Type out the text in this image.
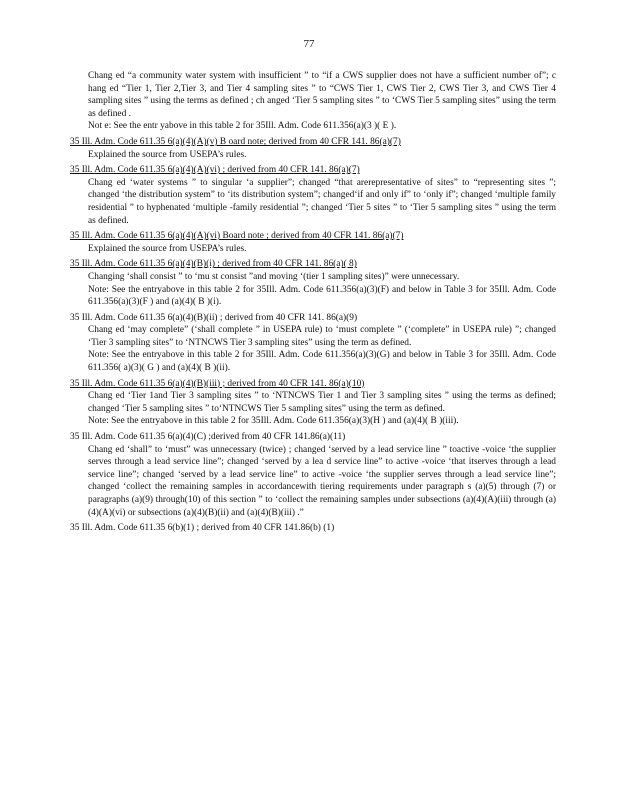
77

Chang ed “a community water system with insufficient ” to “if a CWS supplier does not have a sufficient number of”; c hang ed “Tier 1, Tier 2,Tier 3, and Tier 4 sampling sites ” to “CWS Tier 1, CWS Tier 2, CWS Tier 3, and CWS Tier 4 sampling sites ” using the terms as defined ; ch anged ‘Tier 5 sampling sites ” to ‘CWS Tier 5 sampling sites” using the term as defined .

Not e: See the entr yabove in this table 2 for 35Ill. Adm. Code 611.356(a)(3 )( E ).

35 Ill. Adm. Code 611.35 6(a)(4)(A)(v) B oard note; derived from 40 CFR 141. 86(a)(7)

Explained the source from USEPA’s rules.

35 Ill. Adm. Code 611.35 6(a)(4)(A)(vi) ; derived from 40 CFR 141. 86(a)(7)

Chang ed ‘water systems ” to singular ‘a supplier”; changed “that arerepresentative of sites” to “representing sites ”; changed ‘the distribution system” to ‘its distribution system”; changed‘if and only if” to ‘only if”; changed ‘multiple family residential ” to hyphenated ‘multiple -family residential ”; changed ‘Tier 5 sites ” to ‘Tier 5 sampling sites ” using the term as defined.

35 Ill. Adm. Code 611.35 6(a)(4)(A)(vi) Board note ; derived from 40 CFR 141. 86(a)(7)

Explained the source from USEPA’s rules.

35 Ill. Adm. Code 611.35 6(a)(4)(B)(i) ; derived from 40 CFR 141. 86(a)( 8)

Changing ‘shall consist ” to ‘mu st consist ”and moving ‘(tier 1 sampling sites)” were unnecessary.

Note: See the entryabove in this table 2 for 35Ill. Adm. Code 611.356(a)(3)(F) and below in Table 3 for 35Ill. Adm. Code 611.356(a)(3)(F ) and (a)(4)( B )(i).

35 Ill. Adm. Code 611.35 6(a)(4)(B)(ii) ; derived from 40 CFR 141. 86(a)(9)

Chang ed ‘may complete” (‘shall complete ” in USEPA rule) to ‘must complete ” (‘complete” in USEPA rule) ”; changed ‘Tier 3 sampling sites” to ‘NTNCWS Tier 3 sampling sites” using the term as defined.

Note: See the entryabove in this table 2 for 35Ill. Adm. Code 611.356(a)(3)(G) and below in Table 3 for 35Ill. Adm. Code 611.356( a)(3)( G ) and (a)(4)( B )(ii).

35 Ill. Adm. Code 611.35 6(a)(4)(B)(iii) ; derived from 40 CFR 141. 86(a)(10)

Chang ed ‘Tier 1and Tier 3 sampling sites ” to ‘NTNCWS Tier 1 and Tier 3 sampling sites ” using the terms as defined; changed ‘Tier 5 sampling sites ” to‘NTNCWS Tier 5 sampling sites” using the term as defined.

Note: See the entryabove in this table 2 for 35Ill. Adm. Code 611.356(a)(3)(H ) and (a)(4)( B )(iii).

35 Ill. Adm. Code 611.35 6(a)(4)(C) ;derived from 40 CFR 141.86(a)(11)

Chang ed ‘shall” to ‘must” was unnecessary (twice) ; changed ‘served by a lead service line ” toactive -voice ‘the supplier serves through a lead service line”; changed ‘served by a lea d service line” to active -voice ‘that itserves through a lead service line”; changed ‘served by a lead service line” to active -voice ‘the supplier serves through a lead service line”; changed ‘collect the remaining samples in accordancewith tiering requirements under paragraph s (a)(5) through (7) or paragraphs (a)(9) through(10) of this section ” to ‘collect the remaining samples under subsections (a)(4)(A)(iii) through (a)(4)(A)(vi) or subsections (a)(4)(B)(ii) and (a)(4)(B)(iii) .”

35 Ill. Adm. Code 611.35 6(b)(1) ; derived from 40 CFR 141.86(b) (1)
